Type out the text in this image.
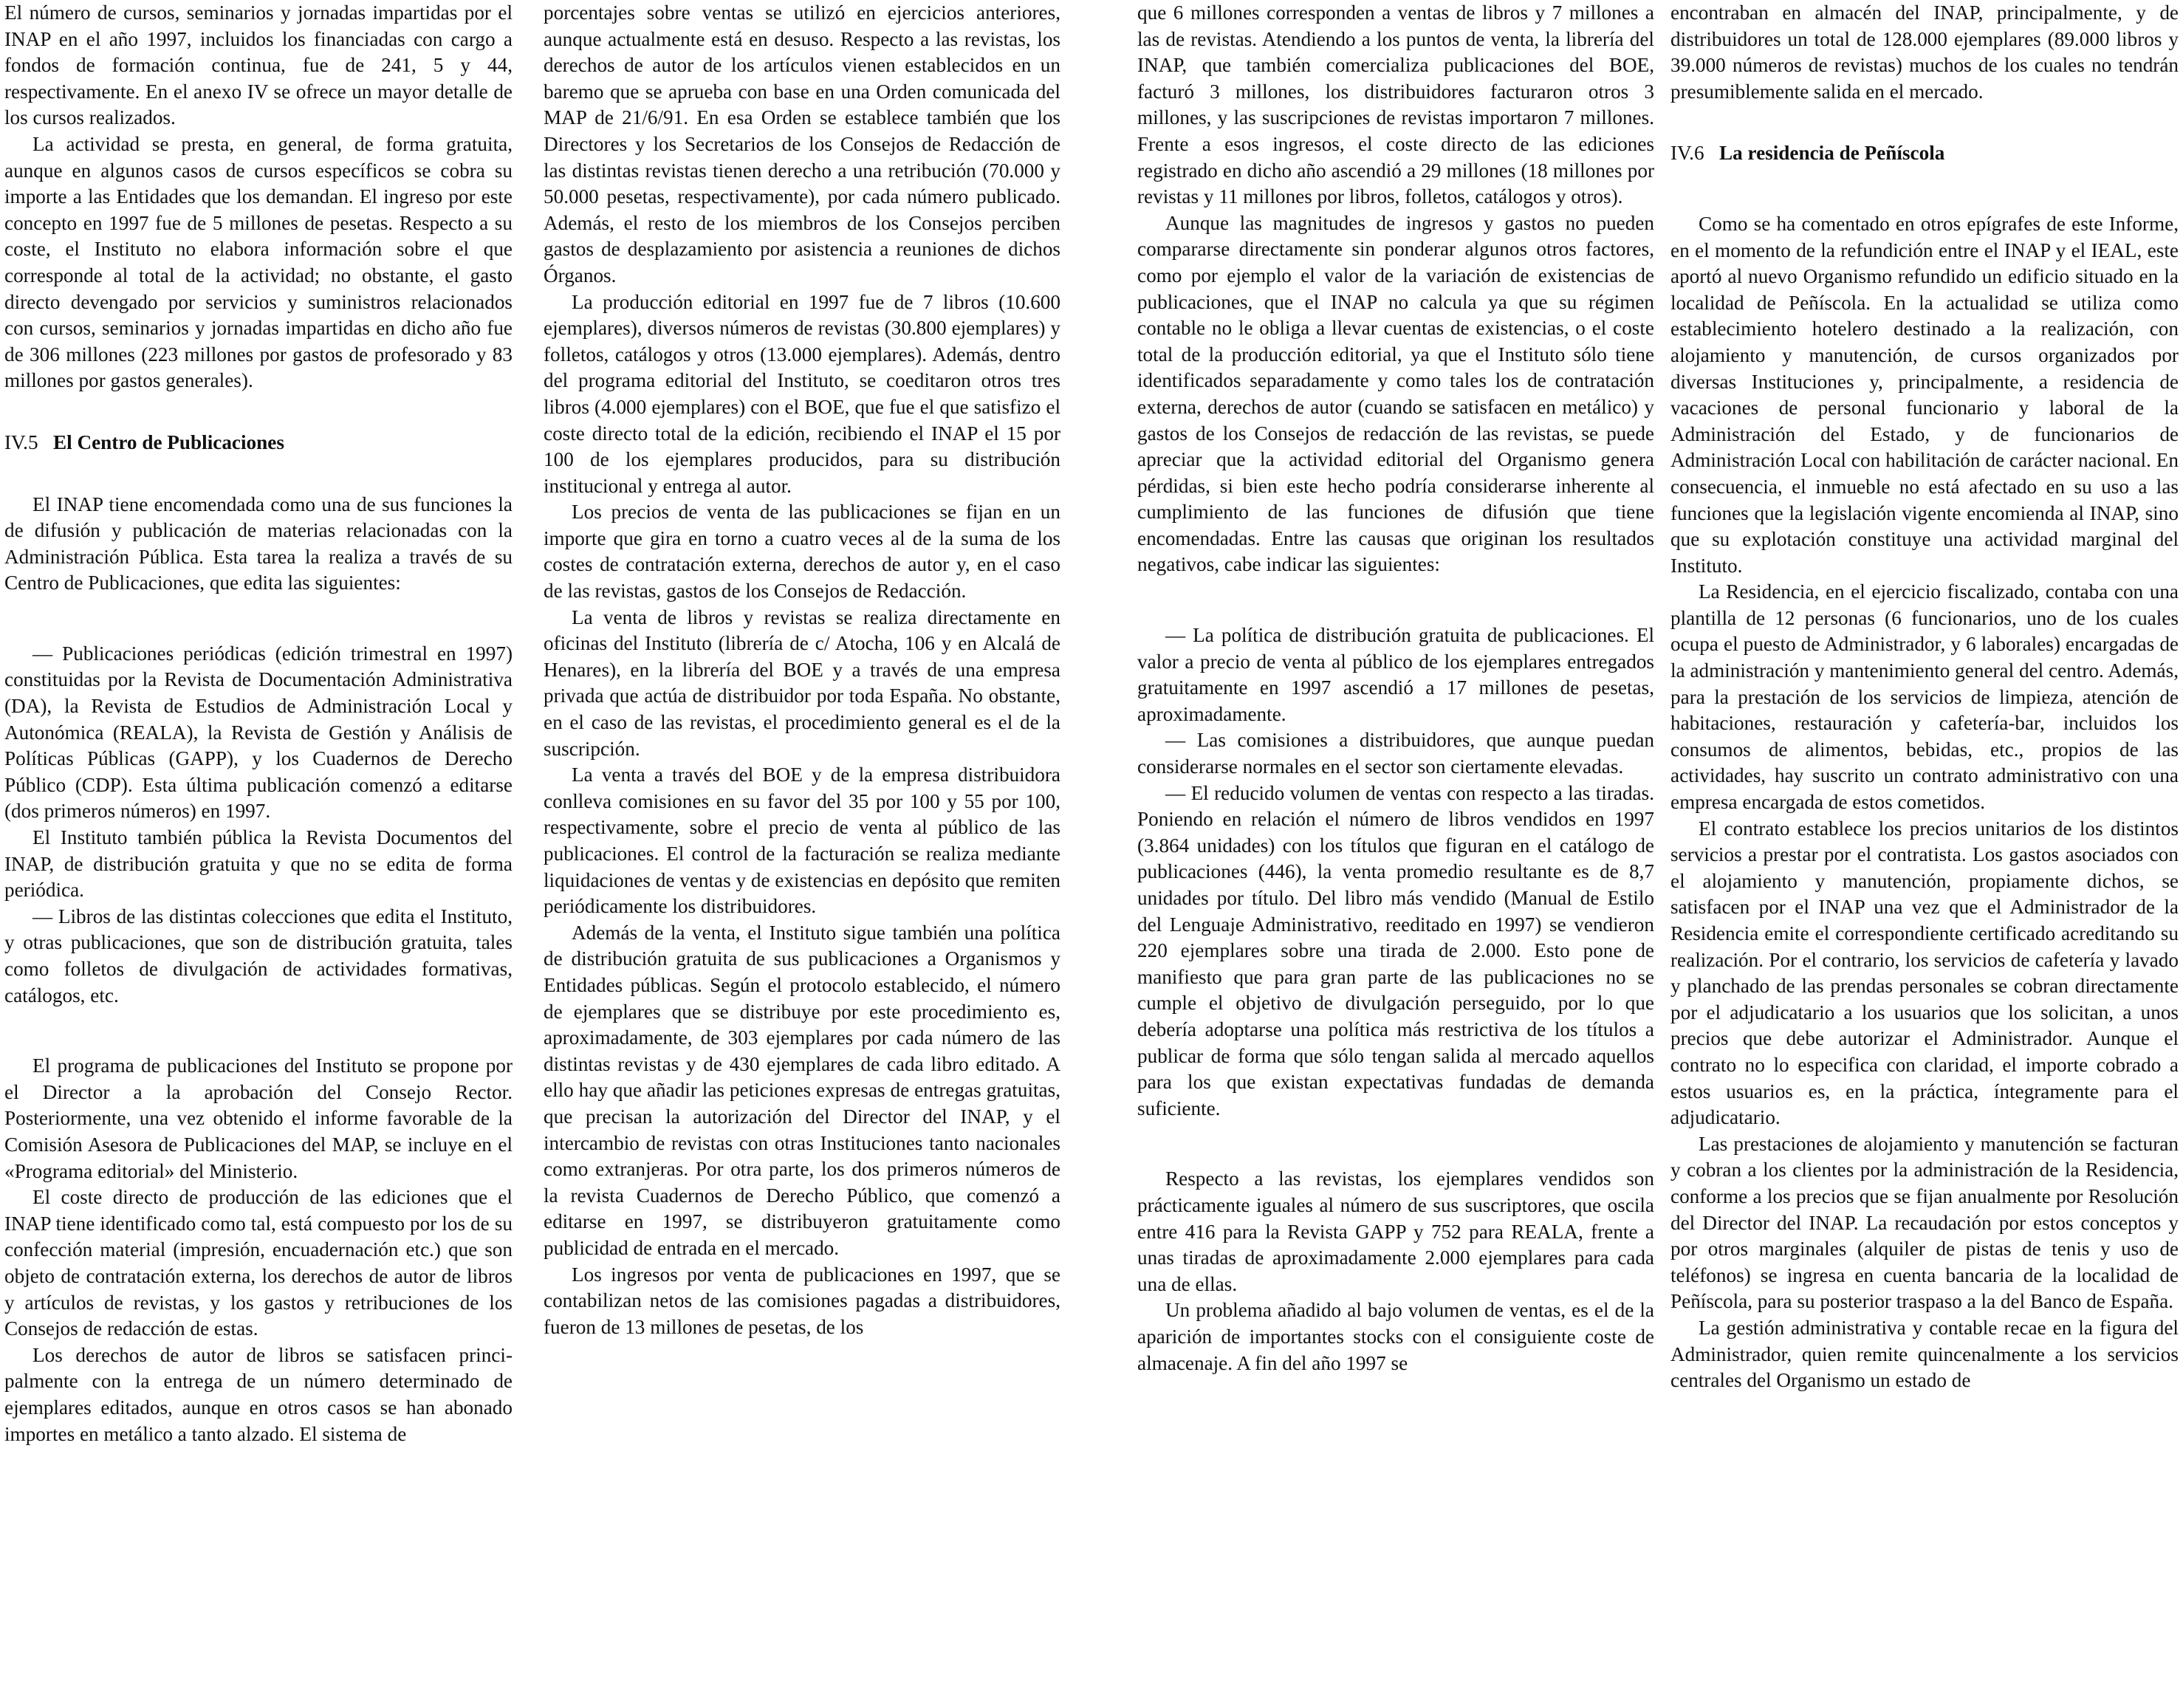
El número de cursos, seminarios y jornadas impartidas por el INAP en el año 1997, incluidos los financiadas con cargo a fondos de formación continua, fue de 241, 5 y 44, respectivamente. En el anexo IV se ofrece un mayor detalle de los cursos realizados.

La actividad se presta, en general, de forma gratuita, aunque en algunos casos de cursos específicos se cobra su importe a las Entidades que los demandan. El ingreso por este concepto en 1997 fue de 5 millones de pesetas. Respecto a su coste, el Instituto no elabora información sobre el que corresponde al total de la actividad; no obstante, el gasto directo devengado por servicios y suministros relacionados con cursos, seminarios y jornadas impartidas en dicho año fue de 306 millones (223 millones por gastos de profesorado y 83 millones por gastos generales).

IV.5 El Centro de Publicaciones

El INAP tiene encomendada como una de sus funciones la de difusión y publicación de materias relacionadas con la Administración Pública. Esta tarea la realiza a través de su Centro de Publicaciones, que edita las siguientes:

— Publicaciones periódicas (edición trimestral en 1997) constituidas por la Revista de Documentación Administrativa (DA), la Revista de Estudios de Administración Local y Autonómica (REALA), la Revista de Gestión y Análisis de Políticas Públicas (GAPP), y los Cuadernos de Derecho Público (CDP). Esta última publicación comenzó a editarse (dos primeros números) en 1997.

El Instituto también pública la Revista Documentos del INAP, de distribución gratuita y que no se edita de forma periódica.

— Libros de las distintas colecciones que edita el Instituto, y otras publicaciones, que son de distribución gratuita, tales como folletos de divulgación de actividades formativas, catálogos, etc.

El programa de publicaciones del Instituto se propone por el Director a la aprobación del Consejo Rector. Posteriormente, una vez obtenido el informe favorable de la Comisión Asesora de Publicaciones del MAP, se incluye en el «Programa editorial» del Ministerio.

El coste directo de producción de las ediciones que el INAP tiene identificado como tal, está compuesto por los de su confección material (impresión, encuadernación etc.) que son objeto de contratación externa, los derechos de autor de libros y artículos de revistas, y los gastos y retribuciones de los Consejos de redacción de estas.

Los derechos de autor de libros se satisfacen principalmente con la entrega de un número determinado de ejemplares editados, aunque en otros casos se han abonado importes en metálico a tanto alzado. El sistema de

porcentajes sobre ventas se utilizó en ejercicios anteriores, aunque actualmente está en desuso. Respecto a las revistas, los derechos de autor de los artículos vienen establecidos en un baremo que se aprueba con base en una Orden comunicada del MAP de 21/6/91. En esa Orden se establece también que los Directores y los Secretarios de los Consejos de Redacción de las distintas revistas tienen derecho a una retribución (70.000 y 50.000 pesetas, respectivamente), por cada número publicado. Además, el resto de los miembros de los Consejos perciben gastos de desplazamiento por asistencia a reuniones de dichos Órganos.

La producción editorial en 1997 fue de 7 libros (10.600 ejemplares), diversos números de revistas (30.800 ejemplares) y folletos, catálogos y otros (13.000 ejemplares). Además, dentro del programa editorial del Instituto, se coeditaron otros tres libros (4.000 ejemplares) con el BOE, que fue el que satisfizo el coste directo total de la edición, recibiendo el INAP el 15 por 100 de los ejemplares producidos, para su distribución institucional y entrega al autor.

Los precios de venta de las publicaciones se fijan en un importe que gira en torno a cuatro veces al de la suma de los costes de contratación externa, derechos de autor y, en el caso de las revistas, gastos de los Consejos de Redacción.

La venta de libros y revistas se realiza directamente en oficinas del Instituto (librería de c/ Atocha, 106 y en Alcalá de Henares), en la librería del BOE y a través de una empresa privada que actúa de distribuidor por toda España. No obstante, en el caso de las revistas, el procedimiento general es el de la suscripción.

La venta a través del BOE y de la empresa distribuidora conlleva comisiones en su favor del 35 por 100 y 55 por 100, respectivamente, sobre el precio de venta al público de las publicaciones. El control de la facturación se realiza mediante liquidaciones de ventas y de existencias en depósito que remiten periódicamente los distribuidores.

Además de la venta, el Instituto sigue también una política de distribución gratuita de sus publicaciones a Organismos y Entidades públicas. Según el protocolo establecido, el número de ejemplares que se distribuye por este procedimiento es, aproximadamente, de 303 ejemplares por cada número de las distintas revistas y de 430 ejemplares de cada libro editado. A ello hay que añadir las peticiones expresas de entregas gratuitas, que precisan la autorización del Director del INAP, y el intercambio de revistas con otras Instituciones tanto nacionales como extranjeras. Por otra parte, los dos primeros números de la revista Cuadernos de Derecho Público, que comenzó a editarse en 1997, se distribuyeron gratuitamente como publicidad de entrada en el mercado.

Los ingresos por venta de publicaciones en 1997, que se contabilizan netos de las comisiones pagadas a distribuidores, fueron de 13 millones de pesetas, de los

que 6 millones corresponden a ventas de libros y 7 millones a las de revistas. Atendiendo a los puntos de venta, la librería del INAP, que también comercializa publicaciones del BOE, facturó 3 millones, los distribuidores facturaron otros 3 millones, y las suscripciones de revistas importaron 7 millones. Frente a esos ingresos, el coste directo de las ediciones registrado en dicho año ascendió a 29 millones (18 millones por revistas y 11 millones por libros, folletos, catálogos y otros).

Aunque las magnitudes de ingresos y gastos no pueden compararse directamente sin ponderar algunos otros factores, como por ejemplo el valor de la variación de existencias de publicaciones, que el INAP no calcula ya que su régimen contable no le obliga a llevar cuentas de existencias, o el coste total de la producción editorial, ya que el Instituto sólo tiene identificados separadamente y como tales los de contratación externa, derechos de autor (cuando se satisfacen en metálico) y gastos de los Consejos de redacción de las revistas, se puede apreciar que la actividad editorial del Organismo genera pérdidas, si bien este hecho podría considerarse inherente al cumplimiento de las funciones de difusión que tiene encomendadas. Entre las causas que originan los resultados negativos, cabe indicar las siguientes:

— La política de distribución gratuita de publicaciones. El valor a precio de venta al público de los ejemplares entregados gratuitamente en 1997 ascendió a 17 millones de pesetas, aproximadamente.

— Las comisiones a distribuidores, que aunque puedan considerarse normales en el sector son ciertamente elevadas.

— El reducido volumen de ventas con respecto a las tiradas. Poniendo en relación el número de libros vendidos en 1997 (3.864 unidades) con los títulos que figuran en el catálogo de publicaciones (446), la venta promedio resultante es de 8,7 unidades por título. Del libro más vendido (Manual de Estilo del Lenguaje Administrativo, reeditado en 1997) se vendieron 220 ejemplares sobre una tirada de 2.000. Esto pone de manifiesto que para gran parte de las publicaciones no se cumple el objetivo de divulgación perseguido, por lo que debería adoptarse una política más restrictiva de los títulos a publicar de forma que sólo tengan salida al mercado aquellos para los que existan expectativas fundadas de demanda suficiente.

Respecto a las revistas, los ejemplares vendidos son prácticamente iguales al número de sus suscriptores, que oscila entre 416 para la Revista GAPP y 752 para REALA, frente a unas tiradas de aproximadamente 2.000 ejemplares para cada una de ellas.

Un problema añadido al bajo volumen de ventas, es el de la aparición de importantes stocks con el consiguiente coste de almacenaje. A fin del año 1997 se

encontraban en almacén del INAP, principalmente, y de distribuidores un total de 128.000 ejemplares (89.000 libros y 39.000 números de revistas) muchos de los cuales no tendrán presumiblemente salida en el mercado.

IV.6 La residencia de Peñíscola

Como se ha comentado en otros epígrafes de este Informe, en el momento de la refundición entre el INAP y el IEAL, este aportó al nuevo Organismo refundido un edificio situado en la localidad de Peñíscola. En la actualidad se utiliza como establecimiento hotelero destinado a la realización, con alojamiento y manutención, de cursos organizados por diversas Instituciones y, principalmente, a residencia de vacaciones de personal funcionario y laboral de la Administración del Estado, y de funcionarios de Administración Local con habilitación de carácter nacional. En consecuencia, el inmueble no está afectado en su uso a las funciones que la legislación vigente encomienda al INAP, sino que su explotación constituye una actividad marginal del Instituto.

La Residencia, en el ejercicio fiscalizado, contaba con una plantilla de 12 personas (6 funcionarios, uno de los cuales ocupa el puesto de Administrador, y 6 laborales) encargadas de la administración y mantenimiento general del centro. Además, para la prestación de los servicios de limpieza, atención de habitaciones, restauración y cafetería-bar, incluidos los consumos de alimentos, bebidas, etc., propios de las actividades, hay suscrito un contrato administrativo con una empresa encargada de estos cometidos.

El contrato establece los precios unitarios de los distintos servicios a prestar por el contratista. Los gastos asociados con el alojamiento y manutención, propiamente dichos, se satisfacen por el INAP una vez que el Administrador de la Residencia emite el correspondiente certificado acreditando su realización. Por el contrario, los servicios de cafetería y lavado y planchado de las prendas personales se cobran directamente por el adjudicatario a los usuarios que los solicitan, a unos precios que debe autorizar el Administrador. Aunque el contrato no lo especifica con claridad, el importe cobrado a estos usuarios es, en la práctica, íntegramente para el adjudicatario.

Las prestaciones de alojamiento y manutención se facturan y cobran a los clientes por la administración de la Residencia, conforme a los precios que se fijan anualmente por Resolución del Director del INAP. La recaudación por estos conceptos y por otros marginales (alquiler de pistas de tenis y uso de teléfonos) se ingresa en cuenta bancaria de la localidad de Peñíscola, para su posterior traspaso a la del Banco de España.

La gestión administrativa y contable recae en la figura del Administrador, quien remite quincenalmente a los servicios centrales del Organismo un estado de
